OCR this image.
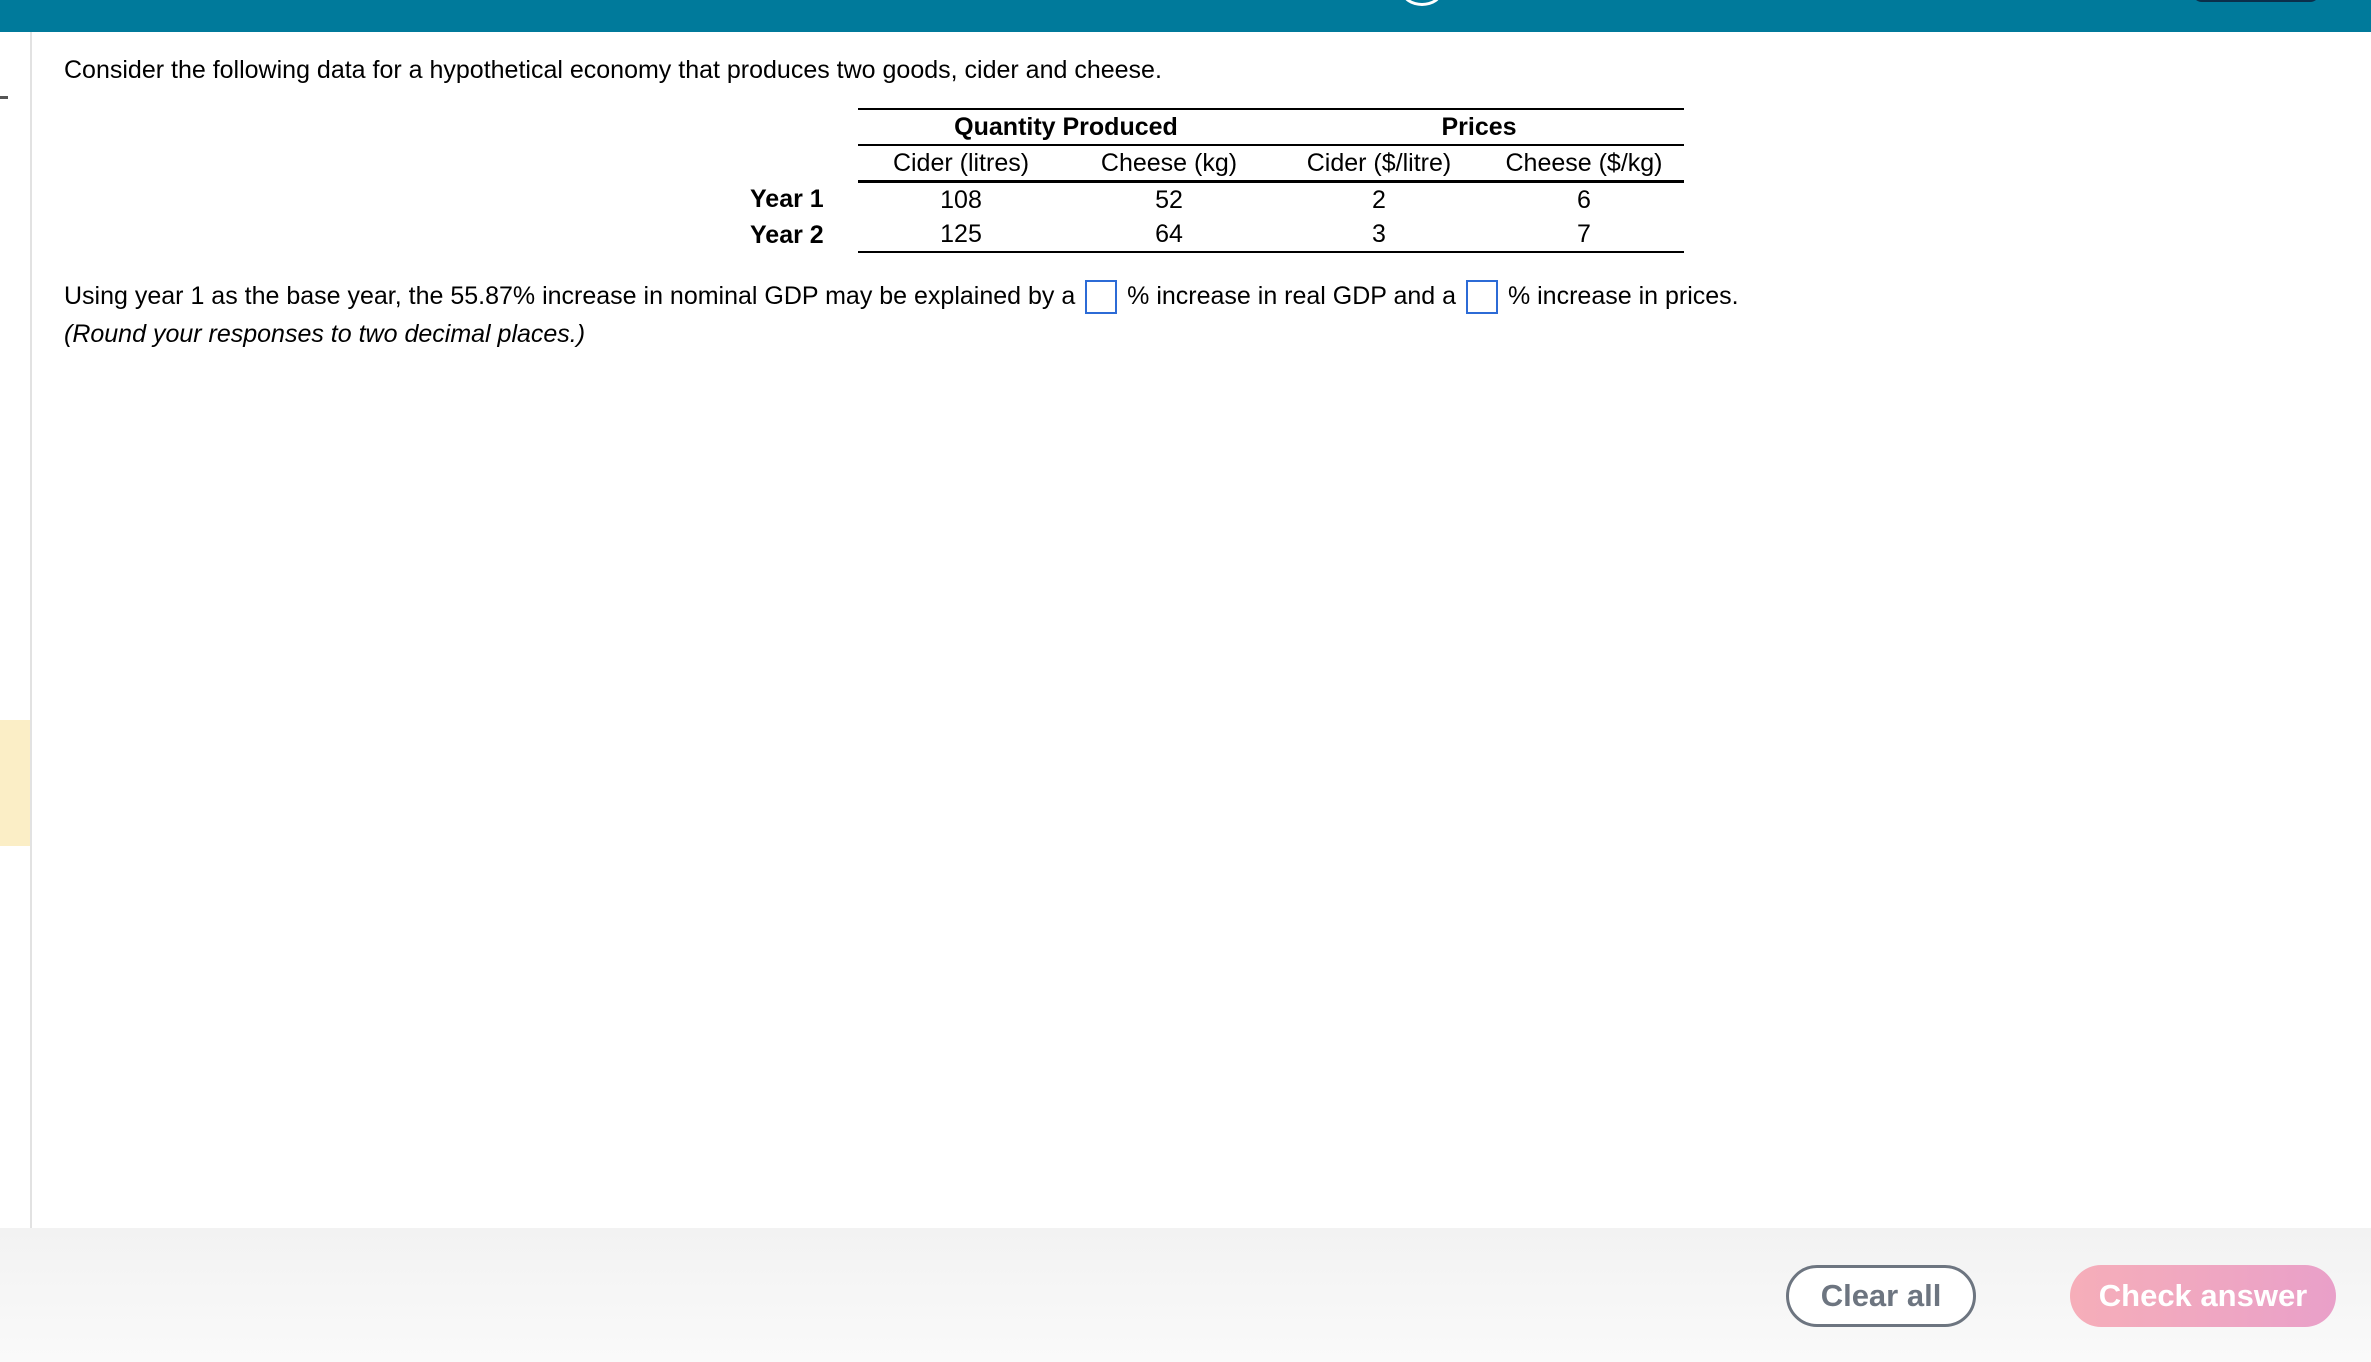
Consider the following data for a hypothetical economy that produces two goods, cider and cheese.

	Quantity Produced		Prices	
	Cider (litres)	Cheese (kg)	Cider ($/litre)	Cheese ($/kg)
Year 1	108	52	2	6
Year 2	125	64	3	7
Using year 1 as the base year, the 55.87% increase in nominal GDP may be explained by a % increase in real GDP and a % increase in prices.
(Round your responses to two decimal places.)
Clear all	Check answer
